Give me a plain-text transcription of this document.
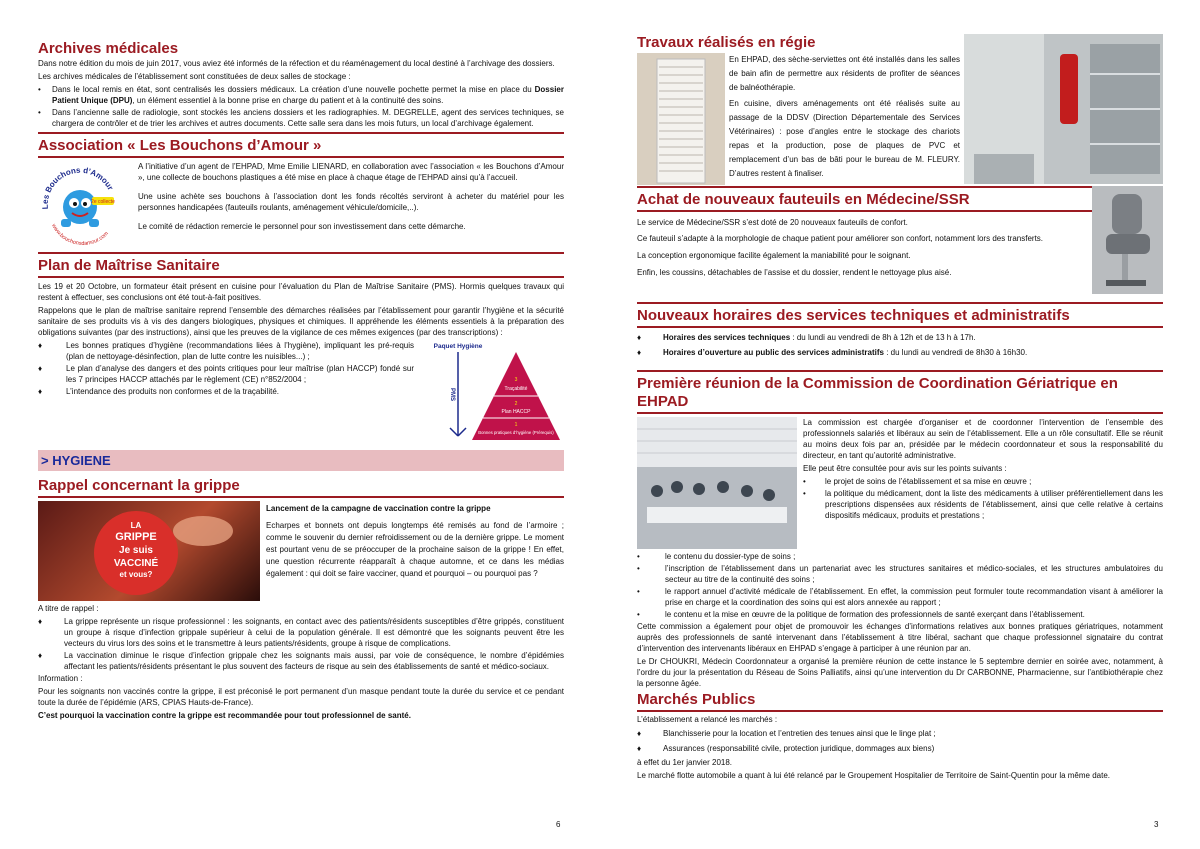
Archives médicales

Dans notre édition du mois de juin 2017, vous aviez été informés de la réfection et du réaménagement du local destiné à l’archivage des dossiers.

Les archives médicales de l’établissement sont constituées de deux salles de stockage :

•	Dans le local remis en état, sont centralisés les dossiers médicaux. La création d’une nouvelle pochette permet la mise en place du Dossier Patient Unique (DPU), un élément essentiel à la bonne prise en charge du patient et à la continuité des soins.
•	Dans l’ancienne salle de radiologie, sont stockés les anciens dossiers et les radiographies. M. DEGRELLE, agent des services techniques, se chargera de contrôler et de trier les archives et autres documents. Cette salle sera dans les mois futurs, un local d’archivage également.
Association « Les Bouchons d’Amour »
Les Bouchons d’Amour
2e collecte
www.bouchonsdamour.com

A l’initiative d’un agent de l’EHPAD, Mme Emilie LIENARD, en collaboration avec l’association « les Bouchons d’Amour », une collecte de bouchons plastiques a été mise en place à chaque étage de l’EHPAD ainsi qu’à l’accueil.

Une usine achète ses bouchons à l’association dont les fonds récoltés serviront à acheter du matériel pour les personnes handicapées (fauteuils roulants, aménagement véhicule/domicile,..).

Le comité de rédaction remercie le personnel pour son investissement dans cette démarche.

Plan de Maîtrise Sanitaire

Les 19 et 20 Octobre, un formateur était présent en cuisine pour l’évaluation du Plan de Maîtrise Sanitaire (PMS). Hormis quelques travaux qui restent à effectuer, ses conclusions ont été tout-à-fait positives.

Rappelons que le plan de maîtrise sanitaire reprend l’ensemble des démarches réalisées par l’établissement pour garantir l’hygiène et la sécurité sanitaire de ses produits vis à vis des dangers biologiques, physiques et chimiques. Il appréhende les éléments essentiels à la préparation des obligations suivantes (par des instructions), ainsi que les preuves de la vigilance de ces mêmes exigences (par des transcriptions) :

Paquet Hygiène
PMS
3
Traçabilité
2
Plan HACCP
1
Bonnes pratiques d’hygiène (Prérequis)
♦	Les bonnes pratiques d’hygiène (recommandations liées à l’hygiène), impliquant les pré-requis (plan de nettoyage-désinfection, plan de lutte contre les nuisibles...) ;
♦	Le plan d’analyse des dangers et des points critiques pour leur maîtrise (plan HACCP) fondé sur les 7 principes HACCP attachés par le règlement (CE) n°852/2004 ;
♦	L’intendance des produits non conformes et de la traçabilité.
> HYGIENE
Rappel concernant la grippe
LA
GRIPPE
Je suis
VACCINÉ
et vous?

Lancement de la campagne de vaccination contre la grippe

Echarpes et bonnets ont depuis longtemps été remisés au fond de l’armoire ; comme le souvenir du dernier refroidissement ou de la dernière grippe. Le moment est pourtant venu de se préoccuper de la prochaine saison de la grippe ! En effet, une question récurrente réapparaît à chaque automne, et ce dans les médias également : qui doit se faire vacciner, quand et pourquoi – ou pourquoi pas ?

A titre de rappel :

♦	La grippe représente un risque professionnel : les soignants, en contact avec des patients/résidents susceptibles d’être grippés, constituent un groupe à risque d’infection grippale supérieur à celui de la population générale. Il est démontré que les soignants peuvent être les vecteurs du virus lors des soins et le transmettre à leurs patients/résidents, groupe à risque de complications.
♦	La vaccination diminue le risque d’infection grippale chez les soignants mais aussi, par voie de conséquence, le nombre d’épidémies affectant les patients/résidents présentant le plus souvent des facteurs de risque au sein des établissements de santé et médico-sociaux.

Information :

Pour les soignants non vaccinés contre la grippe, il est préconisé le port permanent d’un masque pendant toute la durée du service et ce pendant toute la durée de l’épidémie (ARS, CPIAS Hauts-de-France).

C’est pourquoi la vaccination contre la grippe est recommandée pour tout professionnel de santé.

6
Travaux réalisés en régie

En EHPAD, des sèche-serviettes ont été installés dans les salles de bain afin de permettre aux résidents de profiter de séances de balnéothérapie.

En cuisine, divers aménagements ont été réalisés suite au passage de la DDSV (Direction Départementale des Services Vétérinaires) : pose d’angles entre le stockage des chariots repas et la production, pose de plaques de PVC et remplacement d’un bas de bâti pour le bureau de M. FLEURY. D’autres restent à finaliser.

Achat de nouveaux fauteuils en Médecine/SSR

Le service de Médecine/SSR s’est doté de 20 nouveaux fauteuils de confort.

Ce fauteuil s’adapte à la morphologie de chaque patient pour améliorer son confort, notamment lors des transferts.

La conception ergonomique facilite également la maniabilité pour le soignant.

Enfin, les coussins, détachables de l’assise et du dossier, rendent le nettoyage plus aisé.

Nouveaux horaires des services techniques et administratifs
♦	Horaires des services techniques : du lundi au vendredi de 8h à 12h et de 13 h à 17h.
♦	Horaires d’ouverture au public des services administratifs : du lundi au vendredi de 8h30 à 16h30.
Première réunion de la Commission de Coordination Gériatrique en EHPAD

La commission est chargée d’organiser et de coordonner l’intervention de l’ensemble des professionnels salariés et libéraux au sein de l’établissement. Elle a un rôle consultatif. Elle se réunit au moins deux fois par an, présidée par le médecin coordonnateur et sous la responsabilité du directeur, en tant qu’autorité administrative.

Elle peut être consultée pour avis sur les points suivants :

•	le projet de soins de l’établissement et sa mise en œuvre ;
•	la politique du médicament, dont la liste des médicaments à utiliser préférentiellement dans les prescriptions dispensées aux résidents de l’établissement, ainsi que celle relative à certains dispositifs médicaux, produits et prestations ;
•	le contenu du dossier-type de soins ;
•	l’inscription de l’établissement dans un partenariat avec les structures sanitaires et médico-sociales, et les structures ambulatoires du secteur au titre de la continuité des soins ;
•	le rapport annuel d’activité médicale de l’établissement. En effet, la commission peut formuler toute recommandation visant à améliorer la prise en charge et la coordination des soins qui est alors annexée au rapport ;
•	le contenu et la mise en œuvre de la politique de formation des professionnels de santé exerçant dans l’établissement.

Cette commission a également pour objet de promouvoir les échanges d’informations relatives aux bonnes pratiques gériatriques, notamment auprès des professionnels de santé intervenant dans l’établissement à titre libéral, sachant que chaque professionnel signataire du contrat d’intervention des intervenants libéraux en EHPAD s’engage à participer à une réunion par an.

Le Dr CHOUKRI, Médecin Coordonnateur a organisé la première réunion de cette instance le 5 septembre dernier en soirée avec, notamment, à l’ordre du jour la présentation du Réseau de Soins Palliatifs, ainsi qu’une intervention du Dr CARBONNE, Pharmacienne, sur l’antibiothérapie chez la personne âgée.

Marchés Publics

L’établissement a relancé les marchés :

♦	Blanchisserie pour la location et l’entretien des tenues ainsi que le linge plat ;
♦	Assurances (responsabilité civile, protection juridique, dommages aux biens)

à effet du 1er janvier 2018.

Le marché flotte automobile a quant à lui été relancé par le Groupement Hospitalier de Territoire de Saint-Quentin pour la même date.

3
